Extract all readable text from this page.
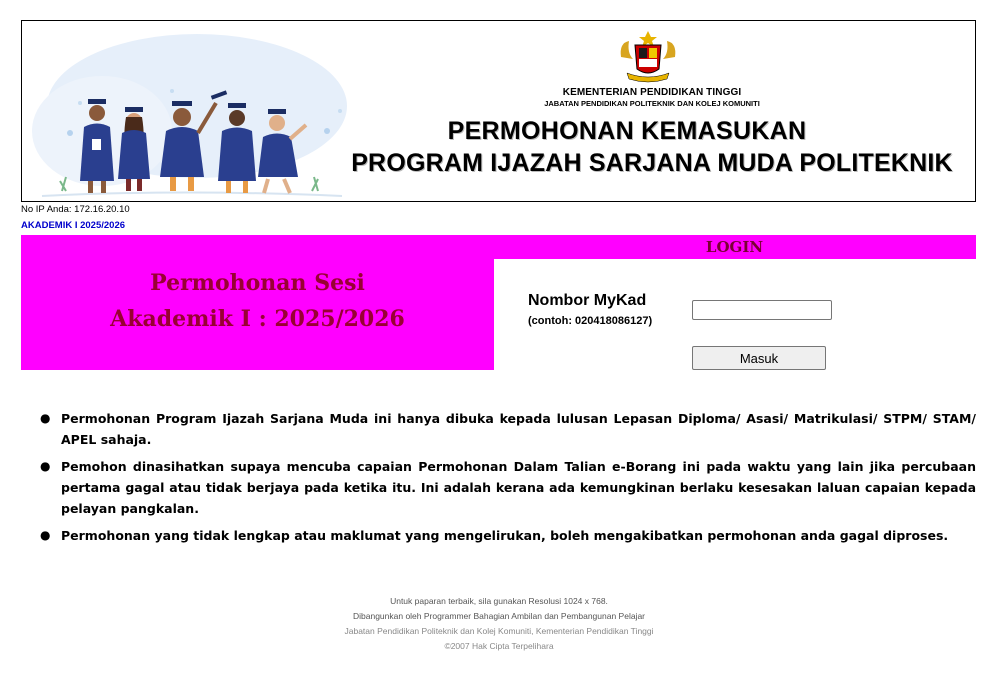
KEMENTERIAN PENDIDIKAN TINGGI
JABATAN PENDIDIKAN POLITEKNIK DAN KOLEJ KOMUNITI
PERMOHONAN KEMASUKAN
PROGRAM IJAZAH SARJANA MUDA POLITEKNIK
No IP Anda: 172.16.20.10
AKADEMIK I 2025/2026
LOGIN
Permohonan Sesi
Akademik I : 2025/2026
Nombor MyKad
(contoh: 020418086127)
Masuk
● Permohonan Program Ijazah Sarjana Muda ini hanya dibuka kepada lulusan Lepasan Diploma/ Asasi/ Matrikulasi/ STPM/ STAM/ APEL sahaja.
● Pemohon dinasihatkan supaya mencuba capaian Permohonan Dalam Talian e-Borang ini pada waktu yang lain jika percubaan pertama gagal atau tidak berjaya pada ketika itu. Ini adalah kerana ada kemungkinan berlaku kesesakan laluan capaian kepada pelayan pangkalan.
● Permohonan yang tidak lengkap atau maklumat yang mengelirukan, boleh mengakibatkan permohonan anda gagal diproses.
Untuk paparan terbaik, sila gunakan Resolusi 1024 x 768.
Dibangunkan oleh Programmer Bahagian Ambilan dan Pembangunan Pelajar
Jabatan Pendidikan Politeknik dan Kolej Komuniti, Kementerian Pendidikan Tinggi
©2007 Hak Cipta Terpelihara
